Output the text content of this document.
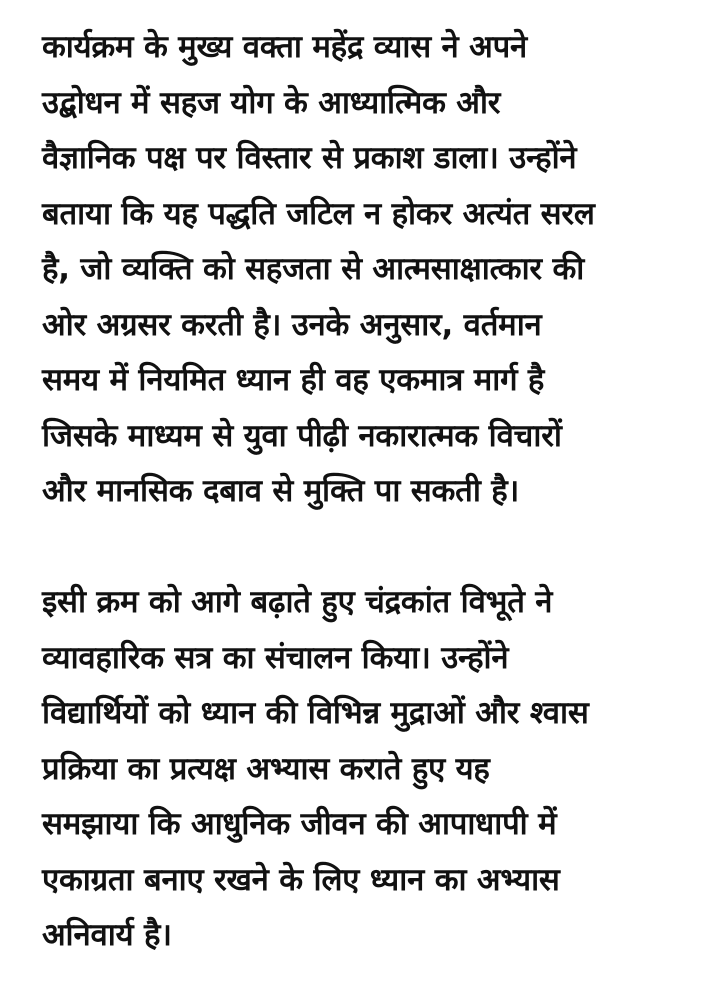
कार्यक्रम के मुख्य वक्ता महेंद्र व्यास ने अपने
उद्बोधन में सहज योग के आध्यात्मिक और
वैज्ञानिक पक्ष पर विस्तार से प्रकाश डाला। उन्होंने
बताया कि यह पद्धति जटिल न होकर अत्यंत सरल
है, जो व्यक्ति को सहजता से आत्मसाक्षात्कार की
ओर अग्रसर करती है। उनके अनुसार, वर्तमान
समय में नियमित ध्यान ही वह एकमात्र मार्ग है
जिसके माध्यम से युवा पीढ़ी नकारात्मक विचारों
और मानसिक दबाव से मुक्ति पा सकती है।

इसी क्रम को आगे बढ़ाते हुए चंद्रकांत विभूते ने
व्यावहारिक सत्र का संचालन किया। उन्होंने
विद्यार्थियों को ध्यान की विभिन्न मुद्राओं और श्वास
प्रक्रिया का प्रत्यक्ष अभ्यास कराते हुए यह
समझाया कि आधुनिक जीवन की आपाधापी में
एकाग्रता बनाए रखने के लिए ध्यान का अभ्यास
अनिवार्य है।
